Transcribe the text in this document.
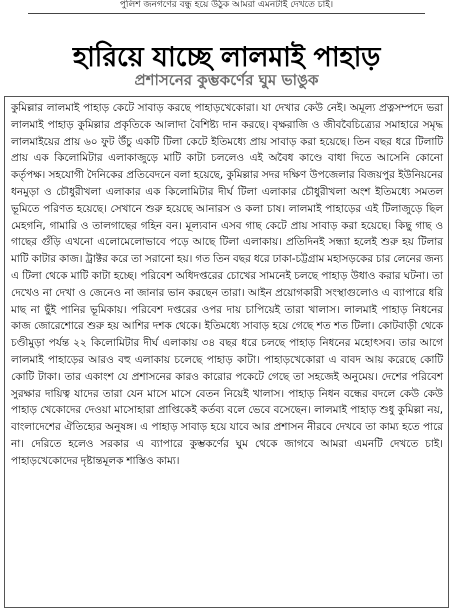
পুলিশ জনগণের বন্ধু হয়ে উঠুক আমরা এমনটাই দেখতে চাই।
হারিয়ে যাচ্ছে লালমাই পাহাড়
প্রশাসনের কুম্ভকর্ণের ঘুম ভাঙুক

কুমিল্লার লালমাই পাহাড় কেটে সাবাড় করছে পাহাড়খেকোরা। যা দেখার কেউ নেই। অমূল্য প্রত্নসম্পদে ভরা লালমাই পাহাড় কুমিল্লার প্রকৃতিকে আলাদা বৈশিষ্ট্য দান করছে। বৃক্ষরাজি ও জীববৈচিত্র্যের সমাহারে সমৃদ্ধ লালমাইয়ের প্রায় ৬০ ফুট উঁচু একটি টিলা কেটে ইতিমধ্যে প্রায় সাবাড় করা হয়েছে। তিন বছর ধরে টিলাটি প্রায় এক কিলোমিটার এলাকাজুড়ে মাটি কাটা চললেও এই অবৈধ কাণ্ডে বাধা দিতে আসেনি কোনো কর্তৃপক্ষ। সহযোগী দৈনিকের প্রতিবেদনে বলা হয়েছে, কুমিল্লার সদর দক্ষিণ উপজেলার বিজয়পুর ইউনিয়নের ধনমুড়া ও চৌধুরীখলা এলাকার এক কিলোমিটার দীর্ঘ টিলা এলাকার চৌধুরীখলা অংশ ইতিমধ্যে সমতল ভূমিতে পরিণত হয়েছে। সেখানে শুরু হয়েছে আনারস ও কলা চাষ। লালমাই পাহাড়ের এই টিলাজুড়ে ছিল মেহগনি, গামারি ও তালগাছের গহিন বন। মূল্যবান এসব গাছ কেটে প্রায় সাবাড় করা হয়েছে। কিছু গাছ ও গাছের গুঁড়ি এখনো এলোমেলোভাবে পড়ে আছে টিলা এলাকায়। প্রতিদিনই সন্ধ্যা হলেই শুরু হয় টিলার মাটি কাটার কাজ। ট্রাক্টর করে তা সরানো হয়। গত তিন বছর ধরে ঢাকা-চট্টগ্রাম মহাসড়কের চার লেনের জন্য এ টিলা থেকে মাটি কাটা হচ্ছে। পরিবেশ অধিদপ্তরের চোখের সামনেই চলছে পাহাড় উধাও করার ঘটনা। তা দেখেও না দেখা ও জেনেও না জানার ভান করছেন তারা। আইন প্রয়োগকারী সংস্থাগুলোও এ ব্যাপারে ধরি মাছ না ছুঁই পানির ভূমিকায়। পরিবেশ দপ্তরের ওপর দায় চাপিয়েই তারা খালাস। লালমাই পাহাড় নিধনের কাজ জোরেশোরে শুরু হয় আশির দশক থেকে। ইতিমধ্যে সাবাড় হয়ে গেছে শত শত টিলা। কোটবাড়ী থেকে চণ্ডীমুড়া পর্যন্ত ২২ কিলোমিটার দীর্ঘ এলাকায় ৩৪ বছর ধরে চলছে পাহাড় নিধনের মহোৎসব। তার আগে লালমাই পাহাড়ের আরও বহু এলাকায় চলেছে পাহাড় কাটা। পাহাড়খেকোরা এ বাবদ আয় করেছে কোটি কোটি টাকা। তার একাংশ যে প্রশাসনের কারও কারোর পকেটে গেছে তা সহজেই অনুমেয়। দেশের পরিবেশ সুরক্ষার দায়িত্ব যাদের তারা যেন মাসে মাসে বেতন নিয়েই খালাস। পাহাড় নিধন বন্ধের বদলে কেউ কেউ পাহাড় খেকোদের দেওয়া মাসোহারা প্রাপ্তিকেই কর্তব্য বলে ভেবে বসেছেন। লালমাই পাহাড় শুধু কুমিল্লা নয়, বাংলাদেশের ঐতিহ্যের অনুষঙ্গ। এ পাহাড় সাবাড় হয়ে যাবে আর প্রশাসন নীরবে দেখবে তা কাম্য হতে পারে না। দেরিতে হলেও সরকার এ ব্যাপারে কুম্ভকর্ণের ঘুম থেকে জাগবে আমরা এমনটি দেখতে চাই। পাহাড়খেকোদের দৃষ্টান্তমূলক শাস্তিও কাম্য।
